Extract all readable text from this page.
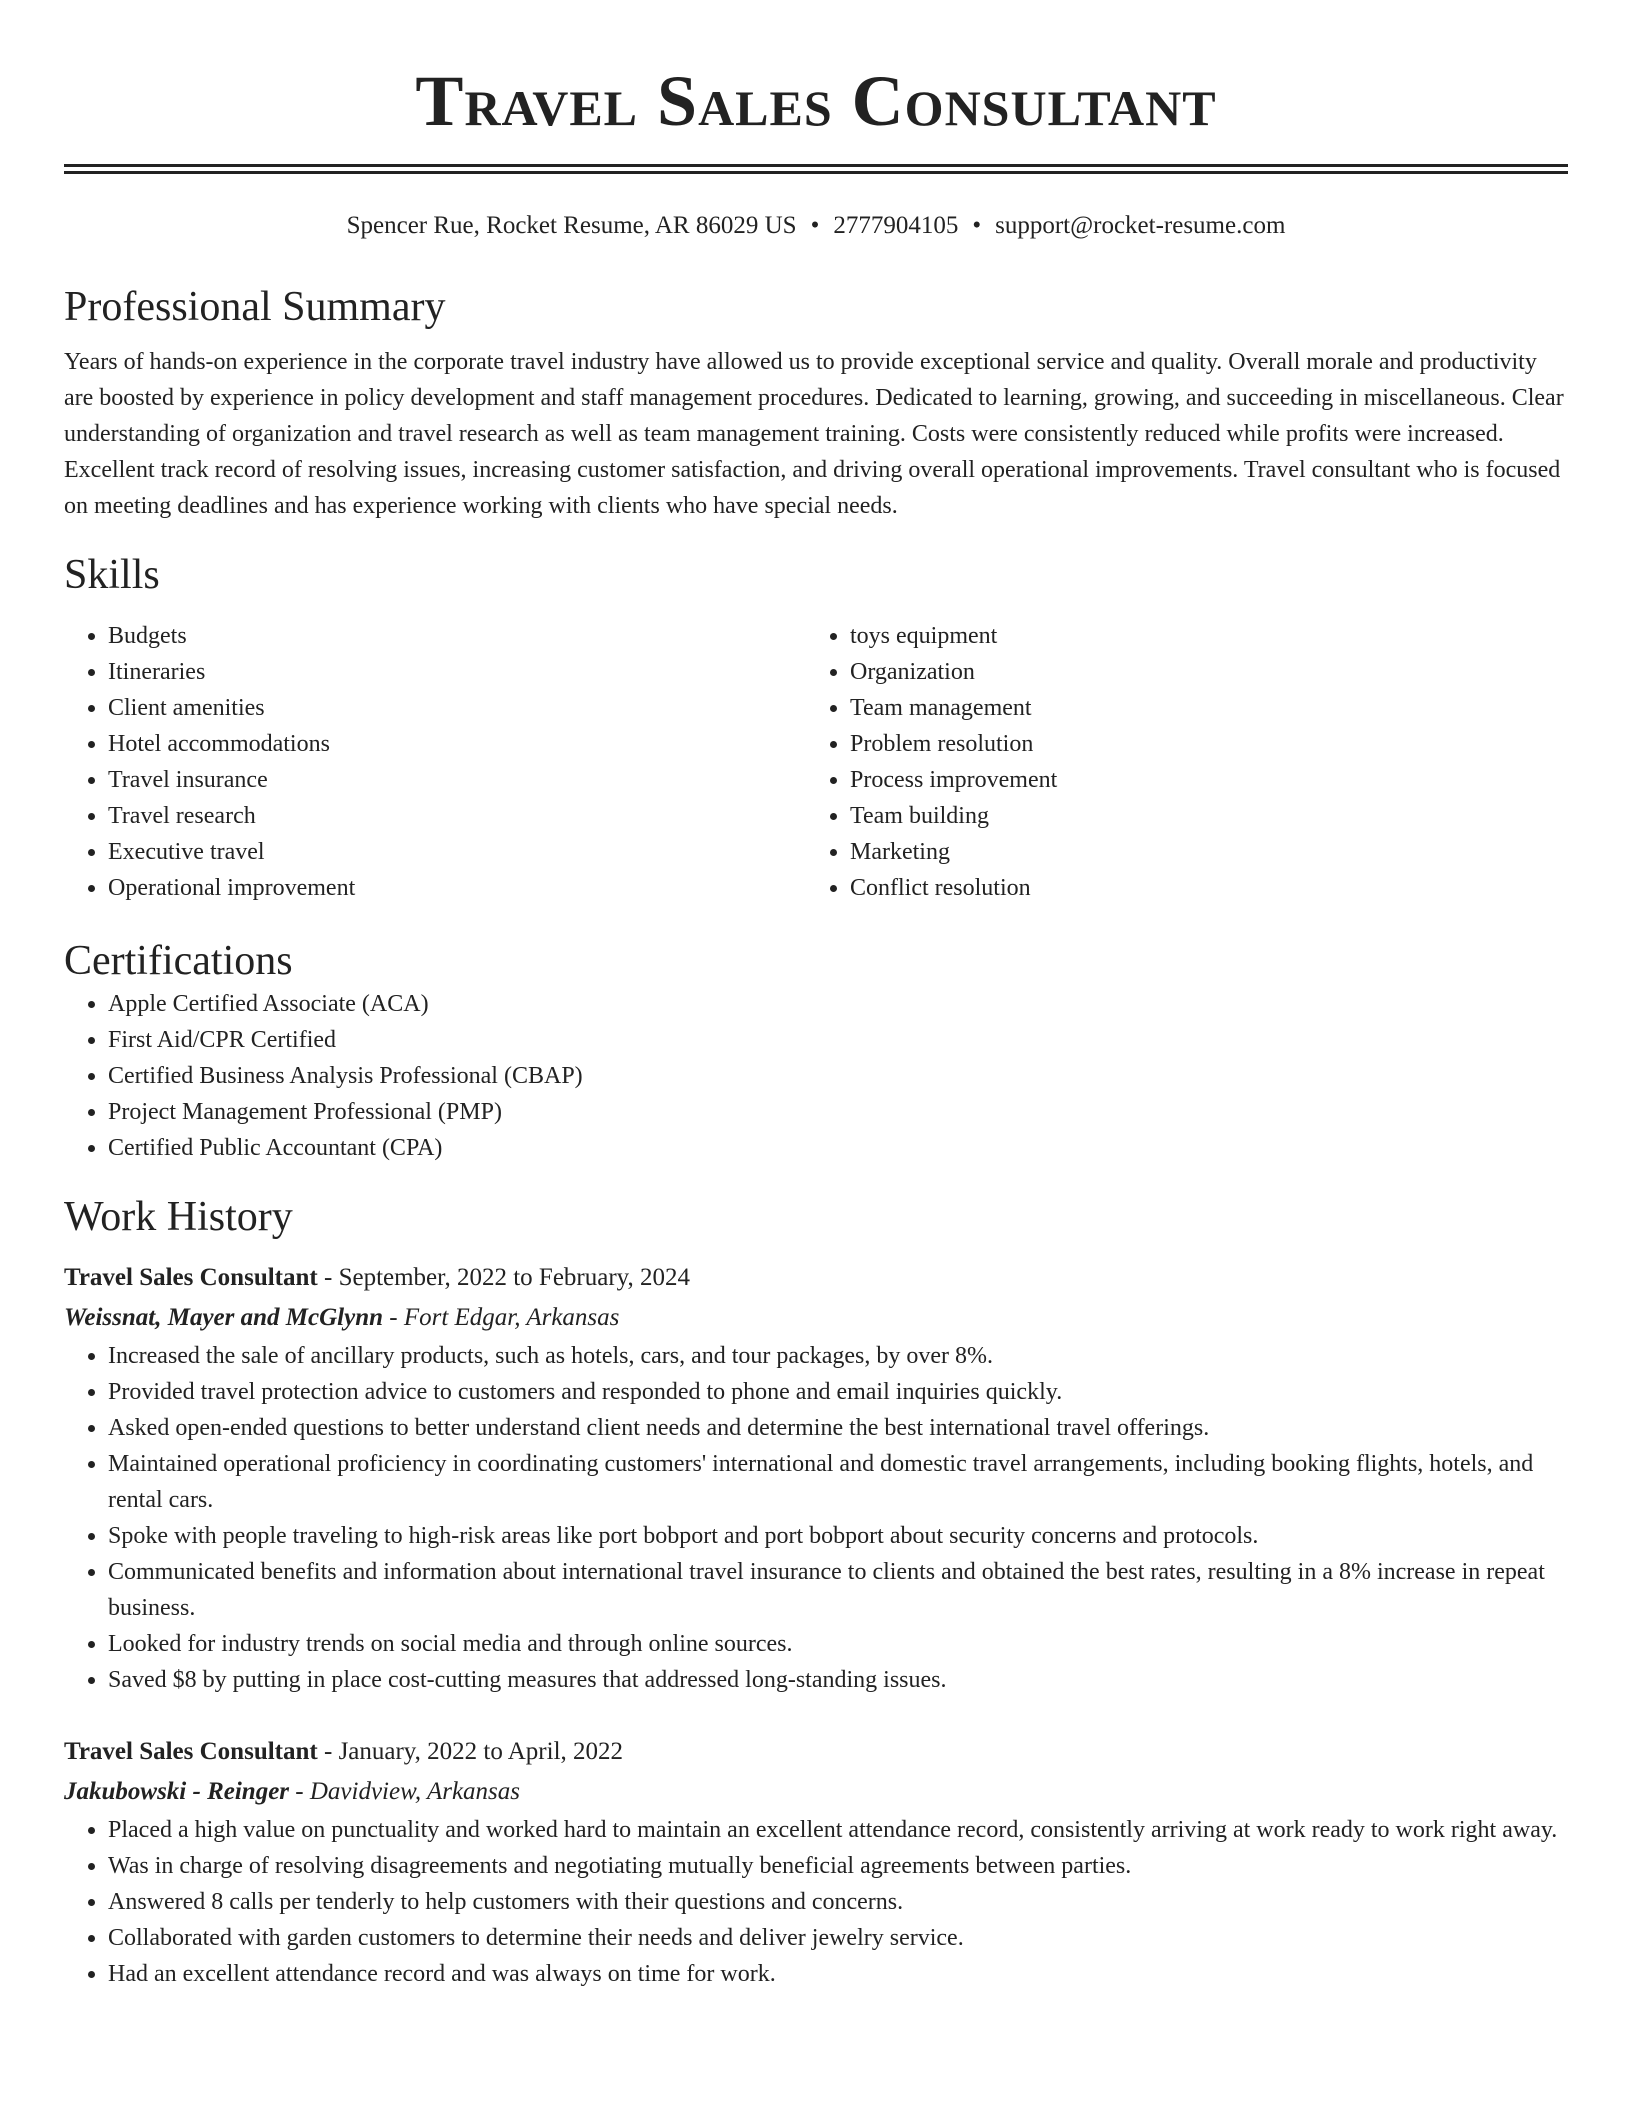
Travel Sales Consultant
Spencer Rue, Rocket Resume, AR 86029 US • 2777904105 • support@rocket-resume.com
Professional Summary

Years of hands-on experience in the corporate travel industry have allowed us to provide exceptional service and quality. Overall morale and productivity are boosted by experience in policy development and staff management procedures. Dedicated to learning, growing, and succeeding in miscellaneous. Clear understanding of organization and travel research as well as team management training. Costs were consistently reduced while profits were increased. Excellent track record of resolving issues, increasing customer satisfaction, and driving overall operational improvements. Travel consultant who is focused on meeting deadlines and has experience working with clients who have special needs.

Skills
• Budgets
• Itineraries
• Client amenities
• Hotel accommodations
• Travel insurance
• Travel research
• Executive travel
• Operational improvement
• toys equipment
• Organization
• Team management
• Problem resolution
• Process improvement
• Team building
• Marketing
• Conflict resolution
Certifications
• Apple Certified Associate (ACA)
• First Aid/CPR Certified
• Certified Business Analysis Professional (CBAP)
• Project Management Professional (PMP)
• Certified Public Accountant (CPA)
Work History
Travel Sales Consultant - September, 2022 to February, 2024
Weissnat, Mayer and McGlynn - Fort Edgar, Arkansas
• Increased the sale of ancillary products, such as hotels, cars, and tour packages, by over 8%.
• Provided travel protection advice to customers and responded to phone and email inquiries quickly.
• Asked open-ended questions to better understand client needs and determine the best international travel offerings.
• Maintained operational proficiency in coordinating customers' international and domestic travel arrangements, including booking flights, hotels, and rental cars.
• Spoke with people traveling to high-risk areas like port bobport and port bobport about security concerns and protocols.
• Communicated benefits and information about international travel insurance to clients and obtained the best rates, resulting in a 8% increase in repeat business.
• Looked for industry trends on social media and through online sources.
• Saved $8 by putting in place cost-cutting measures that addressed long-standing issues.
Travel Sales Consultant - January, 2022 to April, 2022
Jakubowski - Reinger - Davidview, Arkansas
• Placed a high value on punctuality and worked hard to maintain an excellent attendance record, consistently arriving at work ready to work right away.
• Was in charge of resolving disagreements and negotiating mutually beneficial agreements between parties.
• Answered 8 calls per tenderly to help customers with their questions and concerns.
• Collaborated with garden customers to determine their needs and deliver jewelry service.
• Had an excellent attendance record and was always on time for work.
